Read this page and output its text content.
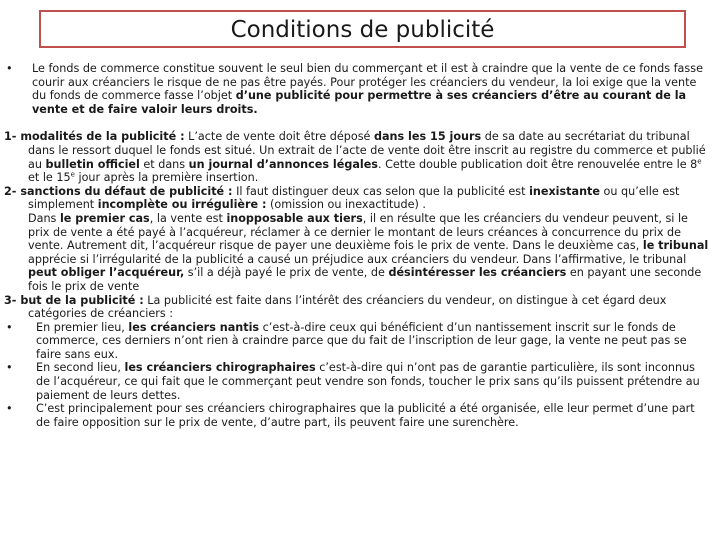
Conditions de publicité
• Le fonds de commerce constitue souvent le seul bien du commerçant et il est à craindre que la vente de ce fonds fasse courir aux créanciers le risque de ne pas être payés. Pour protéger les créanciers du vendeur, la loi exige que la vente du fonds de commerce fasse l’objet d’une publicité pour permettre à ses créanciers d’être au courant de la vente et de faire valoir leurs droits.
1- modalités de la publicité : L’acte de vente doit être déposé dans les 15 jours de sa date au secrétariat du tribunal dans le ressort duquel le fonds est situé. Un extrait de l’acte de vente doit être inscrit au registre du commerce et publié au bulletin officiel et dans un journal d’annonces légales. Cette double publication doit être renouvelée entre le 8e et le 15e jour après la première insertion.
2- sanctions du défaut de publicité : Il faut distinguer deux cas selon que la publicité est inexistante ou qu’elle est simplement incomplète ou irrégulière : (omission ou inexactitude) .
Dans le premier cas, la vente est inopposable aux tiers, il en résulte que les créanciers du vendeur peuvent, si le prix de vente a été payé à l’acquéreur, réclamer à ce dernier le montant de leurs créances à concurrence du prix de vente. Autrement dit, l’acquéreur risque de payer une deuxième fois le prix de vente. Dans le deuxième cas, le tribunal apprécie si l’irrégularité de la publicité a causé un préjudice aux créanciers du vendeur. Dans l’affirmative, le tribunal peut obliger l’acquéreur, s’il a déjà payé le prix de vente, de désintéresser les créanciers en payant une seconde fois le prix de vente
3- but de la publicité : La publicité est faite dans l’intérêt des créanciers du vendeur, on distingue à cet égard deux catégories de créanciers :
• En premier lieu, les créanciers nantis c’est-à-dire ceux qui bénéficient d’un nantissement inscrit sur le fonds de commerce, ces derniers n’ont rien à craindre parce que du fait de l’inscription de leur gage, la vente ne peut pas se faire sans eux.
• En second lieu, les créanciers chirographaires c’est-à-dire qui n’ont pas de garantie particulière, ils sont inconnus de l’acquéreur, ce qui fait que le commerçant peut vendre son fonds, toucher le prix sans qu’ils puissent prétendre au paiement de leurs dettes.
• C’est principalement pour ses créanciers chirographaires que la publicité a été organisée, elle leur permet d’une part de faire opposition sur le prix de vente, d’autre part, ils peuvent faire une surenchère.
